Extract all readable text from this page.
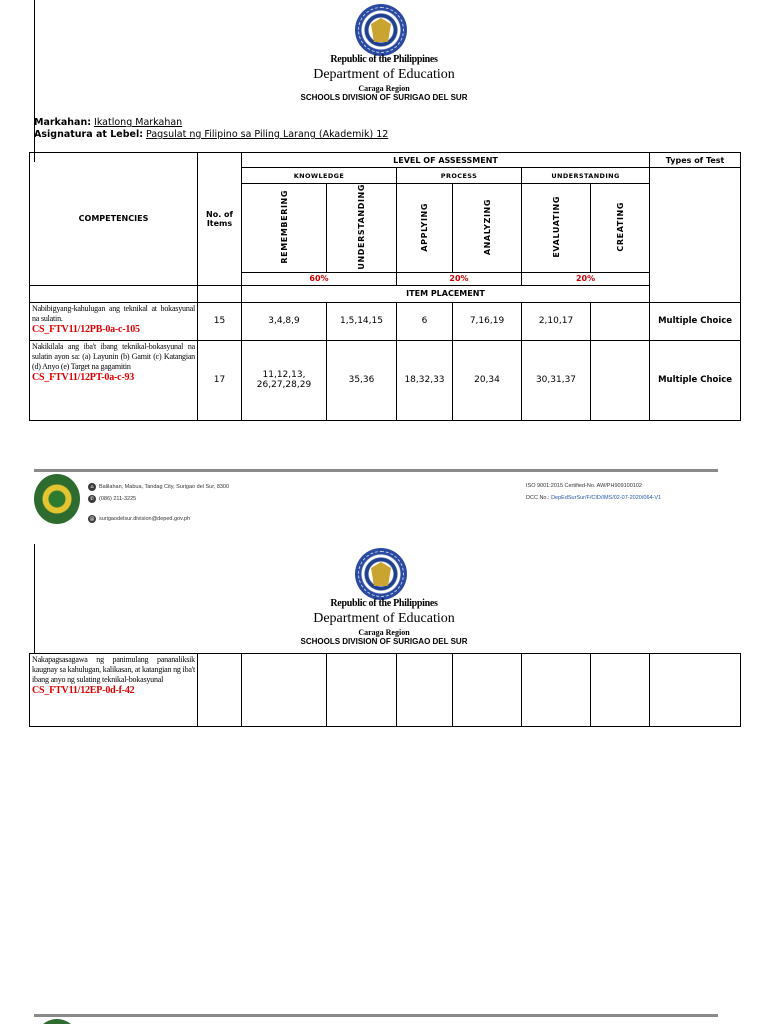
Republic of the Philippines
Department of Education
Caraga Region
SCHOOLS DIVISION OF SURIGAO DEL SUR
Markahan: Ikatlong Markahan
Asignatura at Lebel: Pagsulat ng Filipino sa Piling Larang (Akademik) 12
COMPETENCIES	No. of Items	LEVEL OF ASSESSMENT						Types of Test
		KNOWLEDGE		PROCESS		UNDERSTANDING		
		REMEMBERING	UNDERSTANDING	APPLYING	ANALYZING	EVALUATING	CREATING	
		60%		20%		20%		
		ITEM PLACEMENT						
Nabibigyang-kahulugan ang teknikal at bokasyunal na sulatin.
CS_FTV11/12PB-0a-c-105	15	3,4,8,9	1,5,14,15	6	7,16,19	2,10,17		Multiple Choice
Nakikilala ang iba't ibang teknikal-bokasyunal na sulatin ayon sa: (a) Layunin (b) Gamit (c) Katangian (d) Anyo (e) Target na gagamitin
CS_FTV11/12PT-0a-c-93	17	11,12,13, 26,27,28,29	35,36	18,32,33	20,34	30,31,37		Multiple Choice
⌂ Balilahan, Mabua, Tandag City, Surigao del Sur, 8300
✆ (086) 211-3225
@ surigaodelsur.division@deped.gov.ph
ISO 9001:2015 Certified-No. AW/PH909100102
DCC No.: DepEdSurSur/F/CID/IMS/02-07-2020/064-V1
Republic of the Philippines
Department of Education
Caraga Region
SCHOOLS DIVISION OF SURIGAO DEL SUR
Nakapagsasagawa ng panimulang pananaliksik kaugnay sa kahulugan, kalikasan, at katangian ng iba't ibang anyo ng sulating teknikal-bokasyunal
CS_FTV11/12EP-0d-f-42
